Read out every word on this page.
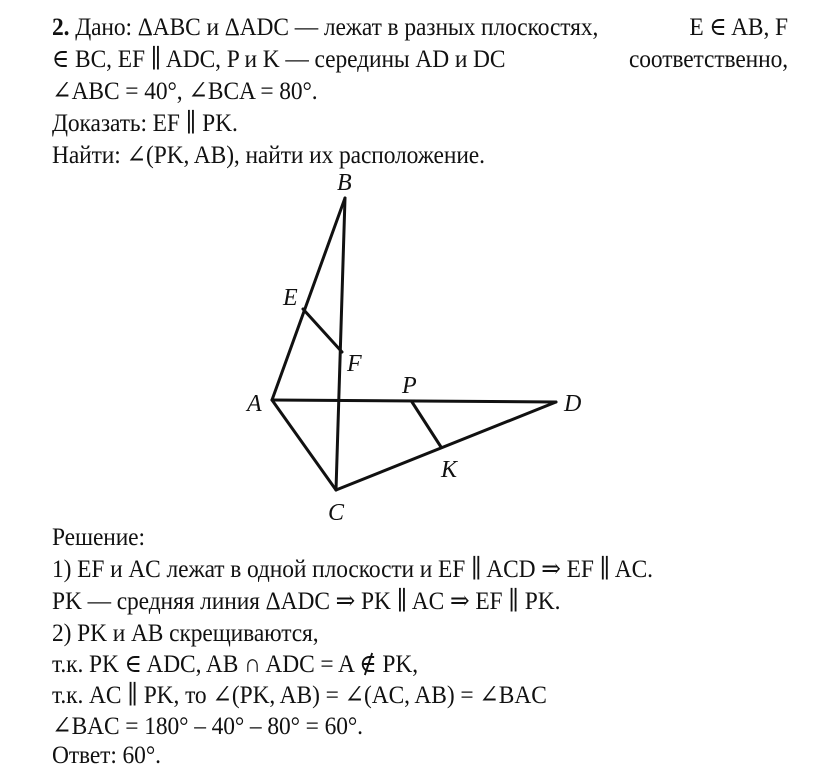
2. Дано: ΔABC и ΔADC — лежат в разных плоскостях,	E ∈ AB, F
∈ BC, EF ∥ ADC, P и K — середины AD и DC	соответственно,
∠ABC = 40°, ∠BCA = 80°.
Доказать: EF ∥ PK.
Найти: ∠(PK, AB), найти их расположение.
B
E
F
A
P
D
K
C
Решение:
1) EF и AC лежат в одной плоскости и EF ∥ ACD ⇒ EF ∥ AC.
PK — средняя линия ΔADC ⇒ PK ∥ AC ⇒ EF ∥ PK.
2) PK и AB скрещиваются,
т.к. PK ∈ ADC, AB ∩ ADC = A ∉ PK,
т.к. AC ∥ PK, то ∠(PK, AB) = ∠(AC, AB) = ∠BAC
∠BAC = 180° – 40° – 80° = 60°.
Ответ: 60°.
